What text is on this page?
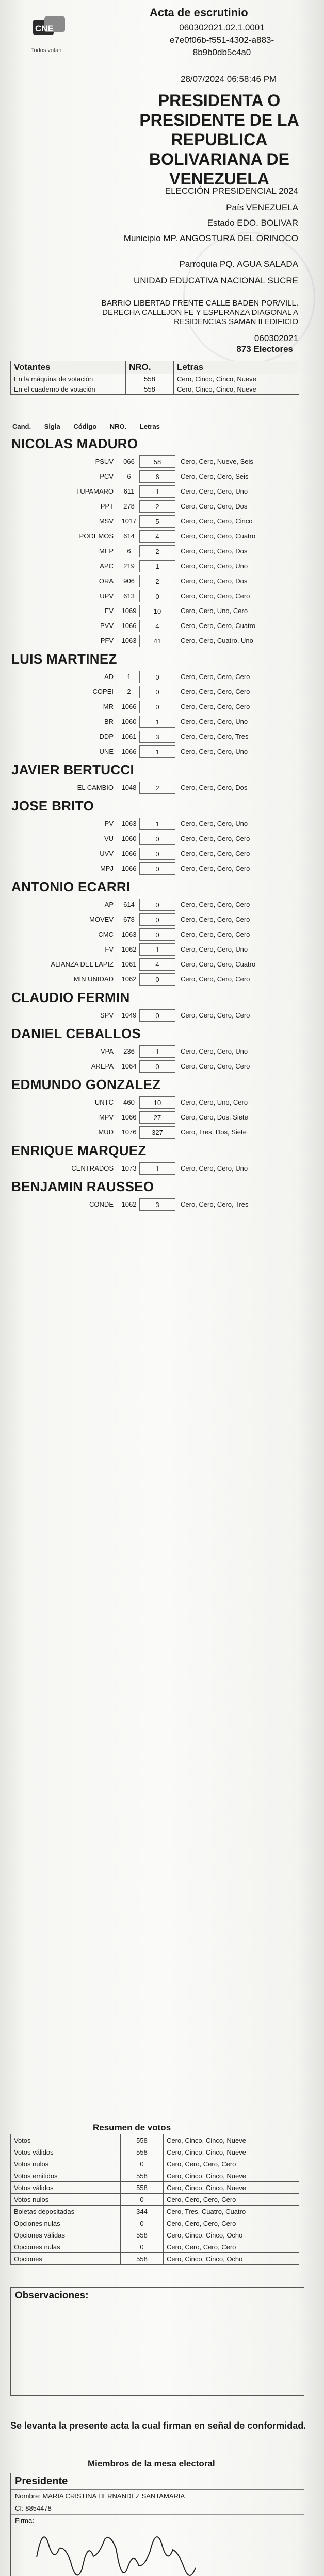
CNE
Todos votan
Acta de escrutinio
060302021.02.1.0001
e7e0f06b-f551-4302-a883-
8b9b0db5c4a0
28/07/2024 06:58:46 PM
PRESIDENTA O PRESIDENTE DE LA REPUBLICA BOLIVARIANA DE VENEZUELA
ELECCIÓN PRESIDENCIAL 2024
País VENEZUELA
Estado EDO. BOLIVAR
Municipio MP. ANGOSTURA DEL ORINOCO
Parroquia PQ. AGUA SALADA
UNIDAD EDUCATIVA NACIONAL SUCRE
BARRIO LIBERTAD FRENTE CALLE BADEN POR/VILL. DERECHA CALLEJON FE Y ESPERANZA DIAGONAL A RESIDENCIAS SAMAN II EDIFICIO
060302021
873 Electores
Votantes	NRO.	Letras
En la máquina de votación	558	Cero, Cinco, Cinco, Nueve
En el cuaderno de votación	558	Cero, Cinco, Cinco, Nueve
Cand. Sigla Código NRO. Letras
NICOLAS MADURO
PSUV	066	58	Cero, Cero, Nueve, Seis
PCV	6	6	Cero, Cero, Cero, Seis
TUPAMARO	611	1	Cero, Cero, Cero, Uno
PPT	278	2	Cero, Cero, Cero, Dos
MSV	1017	5	Cero, Cero, Cero, Cinco
PODEMOS	614	4	Cero, Cero, Cero, Cuatro
MEP	6	2	Cero, Cero, Cero, Dos
APC	219	1	Cero, Cero, Cero, Uno
ORA	906	2	Cero, Cero, Cero, Dos
UPV	613	0	Cero, Cero, Cero, Cero
EV	1069	10	Cero, Cero, Uno, Cero
PVV	1066	4	Cero, Cero, Cero, Cuatro
PFV	1063	41	Cero, Cero, Cuatro, Uno
LUIS MARTINEZ
AD	1	0	Cero, Cero, Cero, Cero
COPEI	2	0	Cero, Cero, Cero, Cero
MR	1066	0	Cero, Cero, Cero, Cero
BR	1060	1	Cero, Cero, Cero, Uno
DDP	1061	3	Cero, Cero, Cero, Tres
UNE	1066	1	Cero, Cero, Cero, Uno
JAVIER BERTUCCI
EL CAMBIO	1048	2	Cero, Cero, Cero, Dos
JOSE BRITO
PV	1063	1	Cero, Cero, Cero, Uno
VU	1060	0	Cero, Cero, Cero, Cero
UVV	1066	0	Cero, Cero, Cero, Cero
MPJ	1066	0	Cero, Cero, Cero, Cero
ANTONIO ECARRI
AP	614	0	Cero, Cero, Cero, Cero
MOVEV	678	0	Cero, Cero, Cero, Cero
CMC	1063	0	Cero, Cero, Cero, Cero
FV	1062	1	Cero, Cero, Cero, Uno
ALIANZA DEL LAPIZ	1061	4	Cero, Cero, Cero, Cuatro
MIN UNIDAD	1062	0	Cero, Cero, Cero, Cero
CLAUDIO FERMIN
SPV	1049	0	Cero, Cero, Cero, Cero
DANIEL CEBALLOS
VPA	236	1	Cero, Cero, Cero, Uno
AREPA	1064	0	Cero, Cero, Cero, Cero
EDMUNDO GONZALEZ
UNTC	460	10	Cero, Cero, Uno, Cero
MPV	1066	27	Cero, Cero, Dos, Siete
MUD	1076	327	Cero, Tres, Dos, Siete
ENRIQUE MARQUEZ
CENTRADOS	1073	1	Cero, Cero, Cero, Uno
BENJAMIN RAUSSEO
CONDE	1062	3	Cero, Cero, Cero, Tres
Resumen de votos
Votos	558	Cero, Cinco, Cinco, Nueve
Votos válidos	558	Cero, Cinco, Cinco, Nueve
Votos nulos	0	Cero, Cero, Cero, Cero
Votos emitidos	558	Cero, Cinco, Cinco, Nueve
Votos válidos	558	Cero, Cinco, Cinco, Nueve
Votos nulos	0	Cero, Cero, Cero, Cero
Boletas depositadas	344	Cero, Tres, Cuatro, Cuatro
Opciones nulas	0	Cero, Cero, Cero, Cero
Opciones válidas	558	Cero, Cinco, Cinco, Ocho
Opciones nulas	0	Cero, Cero, Cero, Cero
Opciones	558	Cero, Cinco, Cinco, Ocho
Observaciones:
Se levanta la presente acta la cual firman en señal de conformidad.
Miembros de la mesa electoral
Presidente
Nombre: MARIA CRISTINA HERNANDEZ SANTAMARIA
CI: 8854478
Firma:
